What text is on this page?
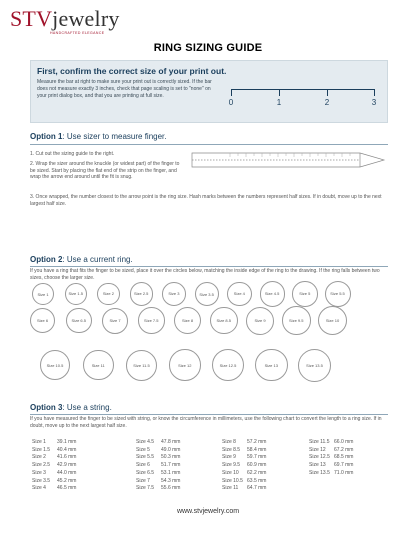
STVjewelry
HANDCRAFTED ELEGANCE
RING SIZING GUIDE
First, confirm the correct size of your print out.
Measure the bar at right to make sure your print out is correctly sized. If the bar does not measure exactly 3 inches, check that page scaling is set to "none" on your print dialog box, and that you are printing at full size.
0	1	2	3
Option 1: Use sizer to measure finger.
1. Cut out the sizing guide to the right.
2. Wrap the sizer around the knuckle (or widest part) of the finger to be sized. Start by placing the flat end of the strip on the finger, and wrap the arrow end around until the fit is snug.
3. Once wrapped, the number closest to the arrow point is the ring size. Hash marks between the numbers represent half sizes. If in doubt, move up to the next largest half size.
Option 2: Use a current ring.
If you have a ring that fits the finger to be sized, place it over the circles below, matching the inside edge of the ring to the drawing. If the ring falls between two sizes, choose the larger size.
Size 1	Size 1.5	Size 2	Size 2.5	Size 3	Size 3.5	Size 4	Size 4.5	Size 5	Size 5.5
Size 6	Size 6.5	Size 7	Size 7.5	Size 8	Size 8.5	Size 9	Size 9.5	Size 10
Size 10.5	Size 11	Size 11.5	Size 12	Size 12.5	Size 13	Size 13.5
Option 3: Use a string.
If you have measured the finger to be sized with string, or know the circumference in millimeters, use the following chart to convert the length to a ring size. If in doubt, move up to the next largest half size.
Size 1	39.1 mm
Size 1.5	40.4 mm
Size 2	41.6 mm
Size 2.5	42.9 mm
Size 3	44.0 mm
Size 3.5	45.2 mm
Size 4	46.5 mm
Size 4.5	47.8 mm
Size 5	49.0 mm
Size 5.5	50.3 mm
Size 6	51.7 mm
Size 6.5	53.1 mm
Size 7	54.3 mm
Size 7.5	55.6 mm
Size 8	57.2 mm
Size 8.5	58.4 mm
Size 9	59.7 mm
Size 9.5	60.9 mm
Size 10	62.2 mm
Size 10.5 63.5 mm
Size 11	64.7 mm
Size 11.5 66.0 mm
Size 12	67.2 mm
Size 12.5 68.5 mm
Size 13	69.7 mm
Size 13.5 71.0 mm
www.stvjewelry.com
